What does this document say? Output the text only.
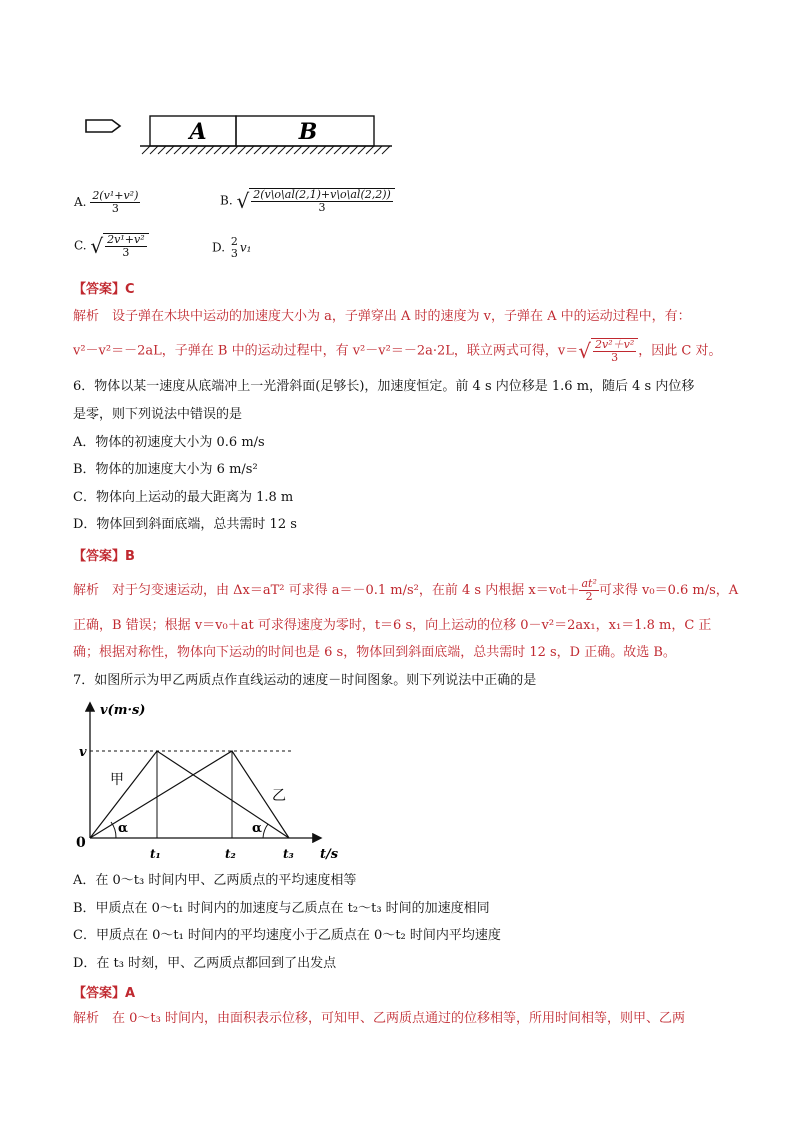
A	B
A. $\frac{\text{2(v¹+v²)}}{3}$	B. √ $\frac{2(v\backslash o\backslash al(2,1)+v\backslash o\backslash al(2,2))}{3}$
C. √ $\frac{\text{2v¹+v²}}{3}$	D. 2
3 v₁
【答案】C
解析　设子弹在木块中运动的加速度大小为 a，子弹穿出 A 时的速度为 v，子弹在 A 中的运动过程中，有：
v²－v²＝－2aL，子弹在 B 中的运动过程中，有 v²－v²＝－2a·2L，联立两式可得，$v=√ \frac{\text{2v²＋v²}}{3}$ ，因此 C 对。
6．物体以某一速度从底端冲上一光滑斜面(足够长)，加速度恒定。前 4 s 内位移是 1.6 m，随后 4 s 内位移
是零，则下列说法中错误的是
A．物体的初速度大小为 0.6 m/s
B．物体的加速度大小为 6 m/s²
C．物体向上运动的最大距离为 1.8 m
D．物体回到斜面底端，总共需时 12 s
【答案】B
解析　对于匀变速运动，由 Δx＝aT² 可求得 a＝－0.1 m/s²，在前 4 s 内根据 $x=v_0t+ \frac{\text{at²}}{2}$ 可求得 v₀＝0.6 m/s，A
正确，B 错误；根据 v＝v₀＋at 可求得速度为零时，t＝6 s，向上运动的位移 0－v²＝2ax₁，x₁＝1.8 m，C 正
确；根据对称性，物体向下运动的时间也是 6 s，物体回到斜面底端，总共需时 12 s，D 正确。故选 B。
7．如图所示为甲乙两质点作直线运动的速度－时间图象。则下列说法中正确的是
v(m·s)
v
0
t₁	t₂	t₃ t/s
甲
乙
α	α
A．在 0～t₃ 时间内甲、乙两质点的平均速度相等
B．甲质点在 0～t₁ 时间内的加速度与乙质点在 t₂～t₃ 时间的加速度相同
C．甲质点在 0～t₁ 时间内的平均速度小于乙质点在 0～t₂ 时间内平均速度
D．在 t₃ 时刻，甲、乙两质点都回到了出发点
【答案】A
解析　在 0～t₃ 时间内，由面积表示位移，可知甲、乙两质点通过的位移相等，所用时间相等，则甲、乙两
